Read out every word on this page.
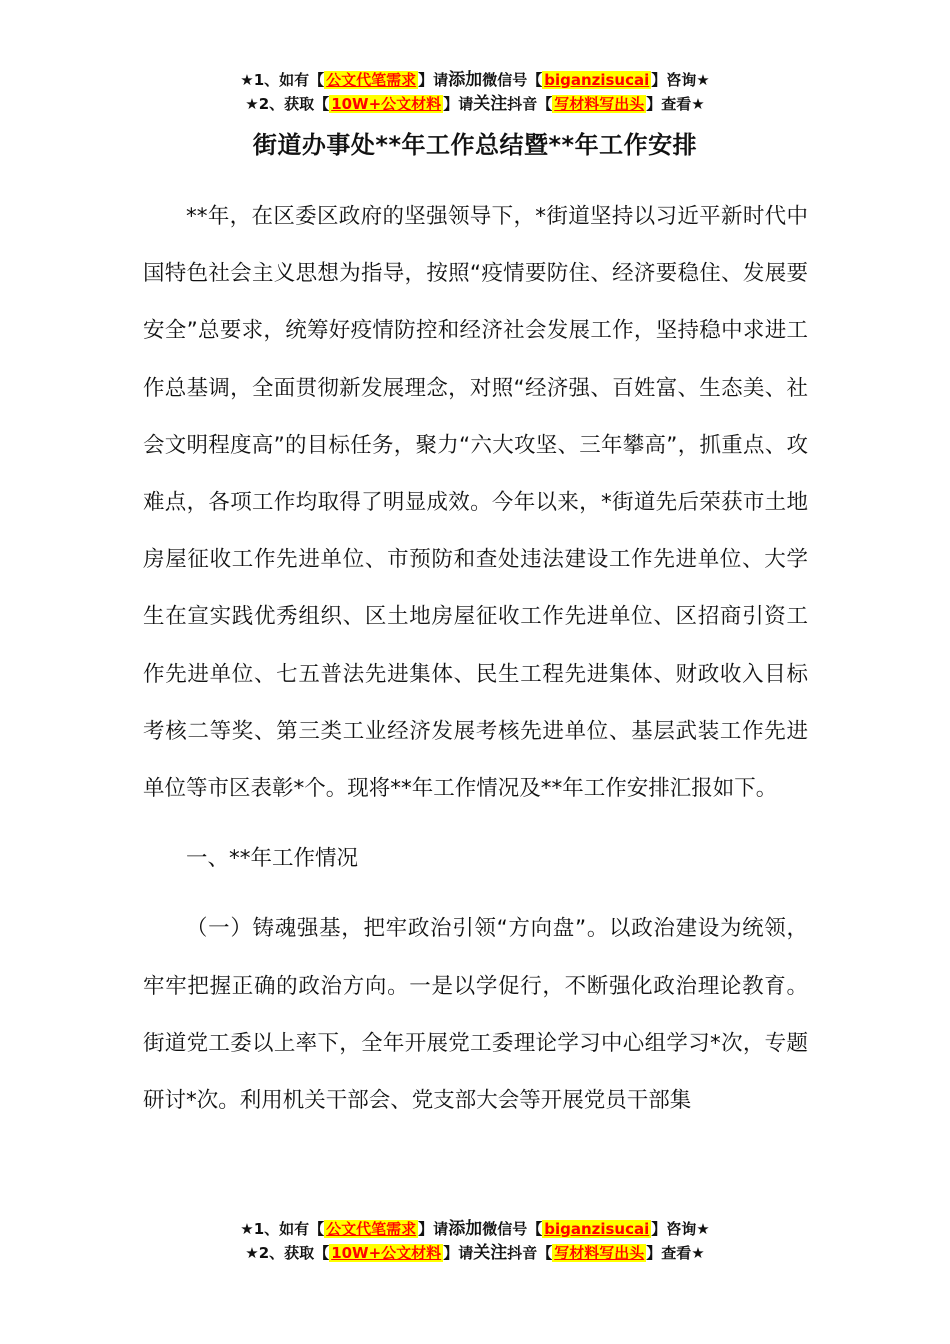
★1、如有【 公文代笔需求 】请添加微信号【 biganzisucai 】咨询★
★2、获取【 10W+公文材料 】请关注抖音【 写材料写出头 】查看★
街道办事处**年工作总结暨**年工作安排

**年，在区委区政府的坚强领导下，*街道坚持以习近平新时代中国特色社会主义思想为指导，按照“疫情要防住、经济要稳住、发展要安全”总要求，统筹好疫情防控和经济社会发展工作，坚持稳中求进工作总基调，全面贯彻新发展理念，对照“经济强、百姓富、生态美、社会文明程度高”的目标任务，聚力“六大攻坚、三年攀高”，抓重点、攻难点，各项工作均取得了明显成效。今年以来，*街道先后荣获市土地房屋征收工作先进单位、市预防和查处违法建设工作先进单位、大学生在宣实践优秀组织、区土地房屋征收工作先进单位、区招商引资工作先进单位、七五普法先进集体、民生工程先进集体、财政收入目标考核二等奖、第三类工业经济发展考核先进单位、基层武装工作先进单位等市区表彰*个。现将**年工作情况及**年工作安排汇报如下。

一、**年工作情况

（一）铸魂强基，把牢政治引领“方向盘”。以政治建设为统领，牢牢把握正确的政治方向。一是以学促行，不断强化政治理论教育。街道党工委以上率下，全年开展党工委理论学习中心组学习*次，专题研讨*次。利用机关干部会、党支部大会等开展党员干部集

★1、如有【 公文代笔需求 】请添加微信号【 biganzisucai 】咨询★
★2、获取【 10W+公文材料 】请关注抖音【 写材料写出头 】查看★
